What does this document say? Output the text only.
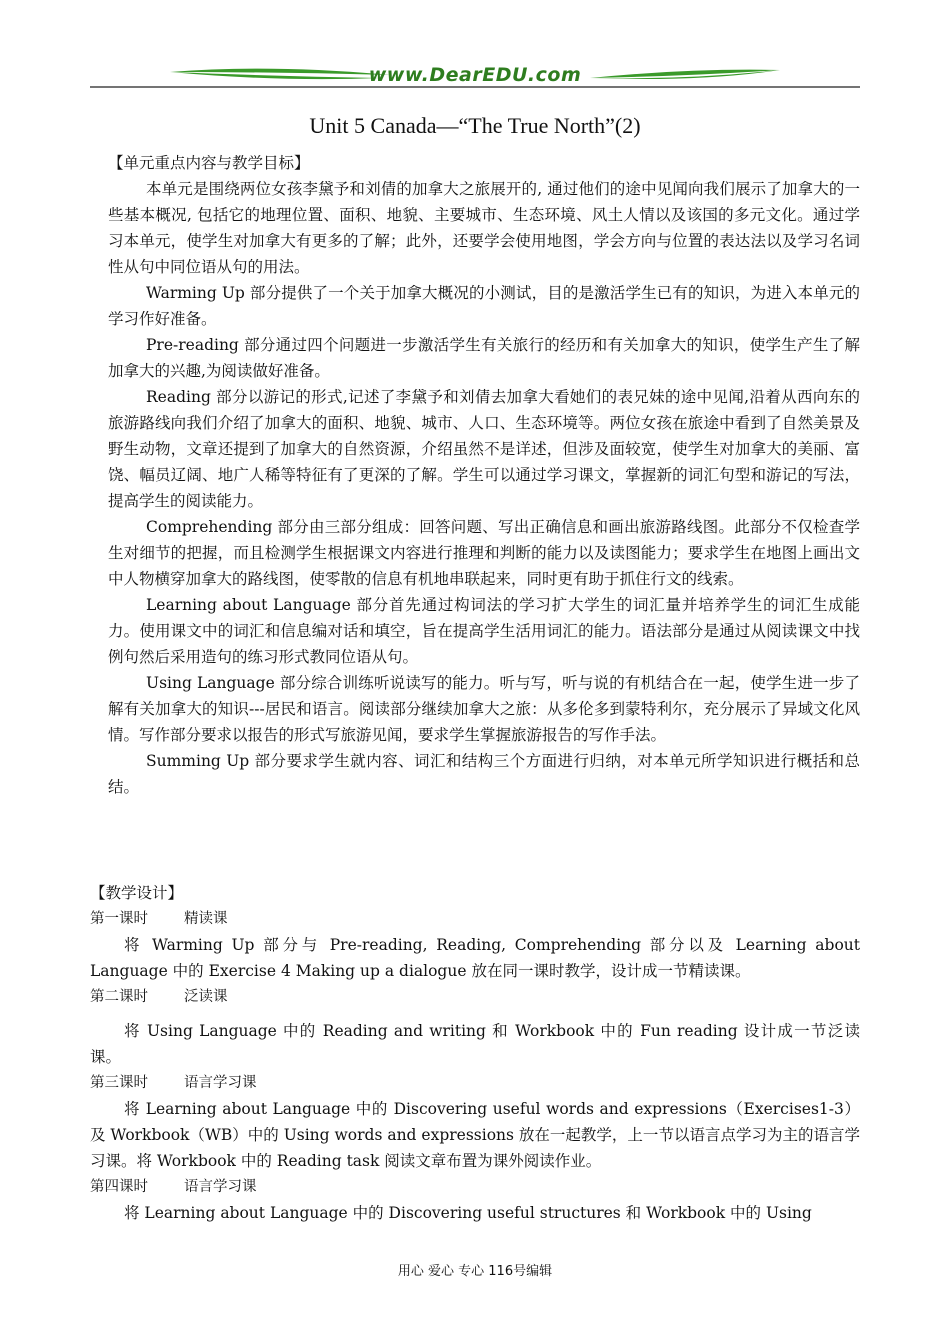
www.DearEDU.com
Unit 5 Canada—“The True North”(2)

【单元重点内容与教学目标】

本单元是围绕两位女孩李黛予和刘倩的加拿大之旅展开的, 通过他们的途中见闻向我们展示了加拿大的一些基本概况, 包括它的地理位置、面积、地貌、主要城市、生态环境、风土人情以及该国的多元文化。通过学习本单元，使学生对加拿大有更多的了解；此外，还要学会使用地图，学会方向与位置的表达法以及学习名词性从句中同位语从句的用法。

Warming Up 部分提供了一个关于加拿大概况的小测试，目的是激活学生已有的知识，为进入本单元的学习作好准备。

Pre-reading 部分通过四个问题进一步激活学生有关旅行的经历和有关加拿大的知识，使学生产生了解加拿大的兴趣,为阅读做好准备。

Reading 部分以游记的形式,记述了李黛予和刘倩去加拿大看她们的表兄妹的途中见闻,沿着从西向东的旅游路线向我们介绍了加拿大的面积、地貌、城市、人口、生态环境等。两位女孩在旅途中看到了自然美景及野生动物，文章还提到了加拿大的自然资源，介绍虽然不是详述，但涉及面较宽，使学生对加拿大的美丽、富饶、幅员辽阔、地广人稀等特征有了更深的了解。学生可以通过学习课文，掌握新的词汇句型和游记的写法，提高学生的阅读能力。

Comprehending 部分由三部分组成：回答问题、写出正确信息和画出旅游路线图。此部分不仅检查学生对细节的把握，而且检测学生根据课文内容进行推理和判断的能力以及读图能力；要求学生在地图上画出文中人物横穿加拿大的路线图，使零散的信息有机地串联起来，同时更有助于抓住行文的线索。

Learning about Language 部分首先通过构词法的学习扩大学生的词汇量并培养学生的词汇生成能力。使用课文中的词汇和信息编对话和填空，旨在提高学生活用词汇的能力。语法部分是通过从阅读课文中找例句然后采用造句的练习形式教同位语从句。

Using Language 部分综合训练听说读写的能力。听与写，听与说的有机结合在一起，使学生进一步了解有关加拿大的知识---居民和语言。阅读部分继续加拿大之旅：从多伦多到蒙特利尔，充分展示了异域文化风情。写作部分要求以报告的形式写旅游见闻，要求学生掌握旅游报告的写作手法。

Summing Up 部分要求学生就内容、词汇和结构三个方面进行归纳，对本单元所学知识进行概括和总结。

【教学设计】

第一课时 精读课

将 Warming Up 部分与 Pre-reading, Reading, Comprehending 部分以及 Learning about Language 中的 Exercise 4 Making up a dialogue 放在同一课时教学，设计成一节精读课。

第二课时 泛读课

将 Using Language 中的 Reading and writing 和 Workbook 中的 Fun reading 设计成一节泛读课。

第三课时 语言学习课

将 Learning about Language 中的 Discovering useful words and expressions（Exercises1-3）及 Workbook（WB）中的 Using words and expressions 放在一起教学，上一节以语言点学习为主的语言学习课。将 Workbook 中的 Reading task 阅读文章布置为课外阅读作业。

第四课时 语言学习课

将 Learning about Language 中的 Discovering useful structures 和 Workbook 中的 Using

用心 爱心 专心 116号编辑
